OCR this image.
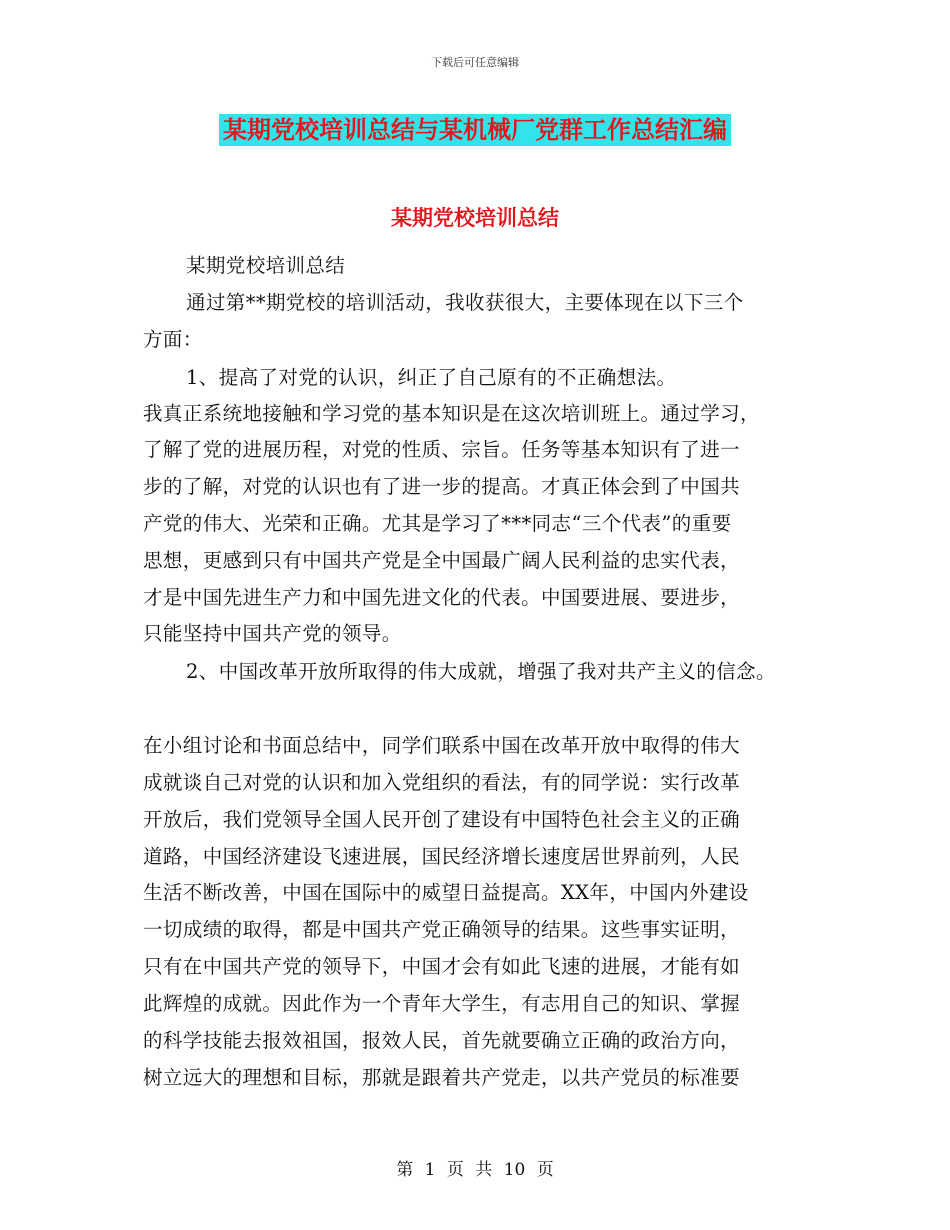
下载后可任意编辑
某期党校培训总结与某机械厂党群工作总结汇编
某期党校培训总结
某期党校培训总结
通过第**期党校的培训活动，我收获很大，主要体现在以下三个
方面：
1、提高了对党的认识，纠正了自己原有的不正确想法。
我真正系统地接触和学习党的基本知识是在这次培训班上。通过学习，
了解了党的进展历程，对党的性质、宗旨。任务等基本知识有了进一
步的了解，对党的认识也有了进一步的提高。才真正体会到了中国共
产党的伟大、光荣和正确。尤其是学习了***同志“三个代表”的重要
思想，更感到只有中国共产党是全中国最广阔人民利益的忠实代表，
才是中国先进生产力和中国先进文化的代表。中国要进展、要进步，
只能坚持中国共产党的领导。
2、中国改革开放所取得的伟大成就，增强了我对共产主义的信念。
在小组讨论和书面总结中，同学们联系中国在改革开放中取得的伟大
成就谈自己对党的认识和加入党组织的看法，有的同学说：实行改革
开放后，我们党领导全国人民开创了建设有中国特色社会主义的正确
道路，中国经济建设飞速进展，国民经济增长速度居世界前列，人民
生活不断改善，中国在国际中的威望日益提高。XX年，中国内外建设
一切成绩的取得，都是中国共产党正确领导的结果。这些事实证明，
只有在中国共产党的领导下，中国才会有如此飞速的进展，才能有如
此辉煌的成就。因此作为一个青年大学生，有志用自己的知识、掌握
的科学技能去报效祖国，报效人民，首先就要确立正确的政治方向，
树立远大的理想和目标，那就是跟着共产党走，以共产党员的标准要
第 1 页 共 10 页
